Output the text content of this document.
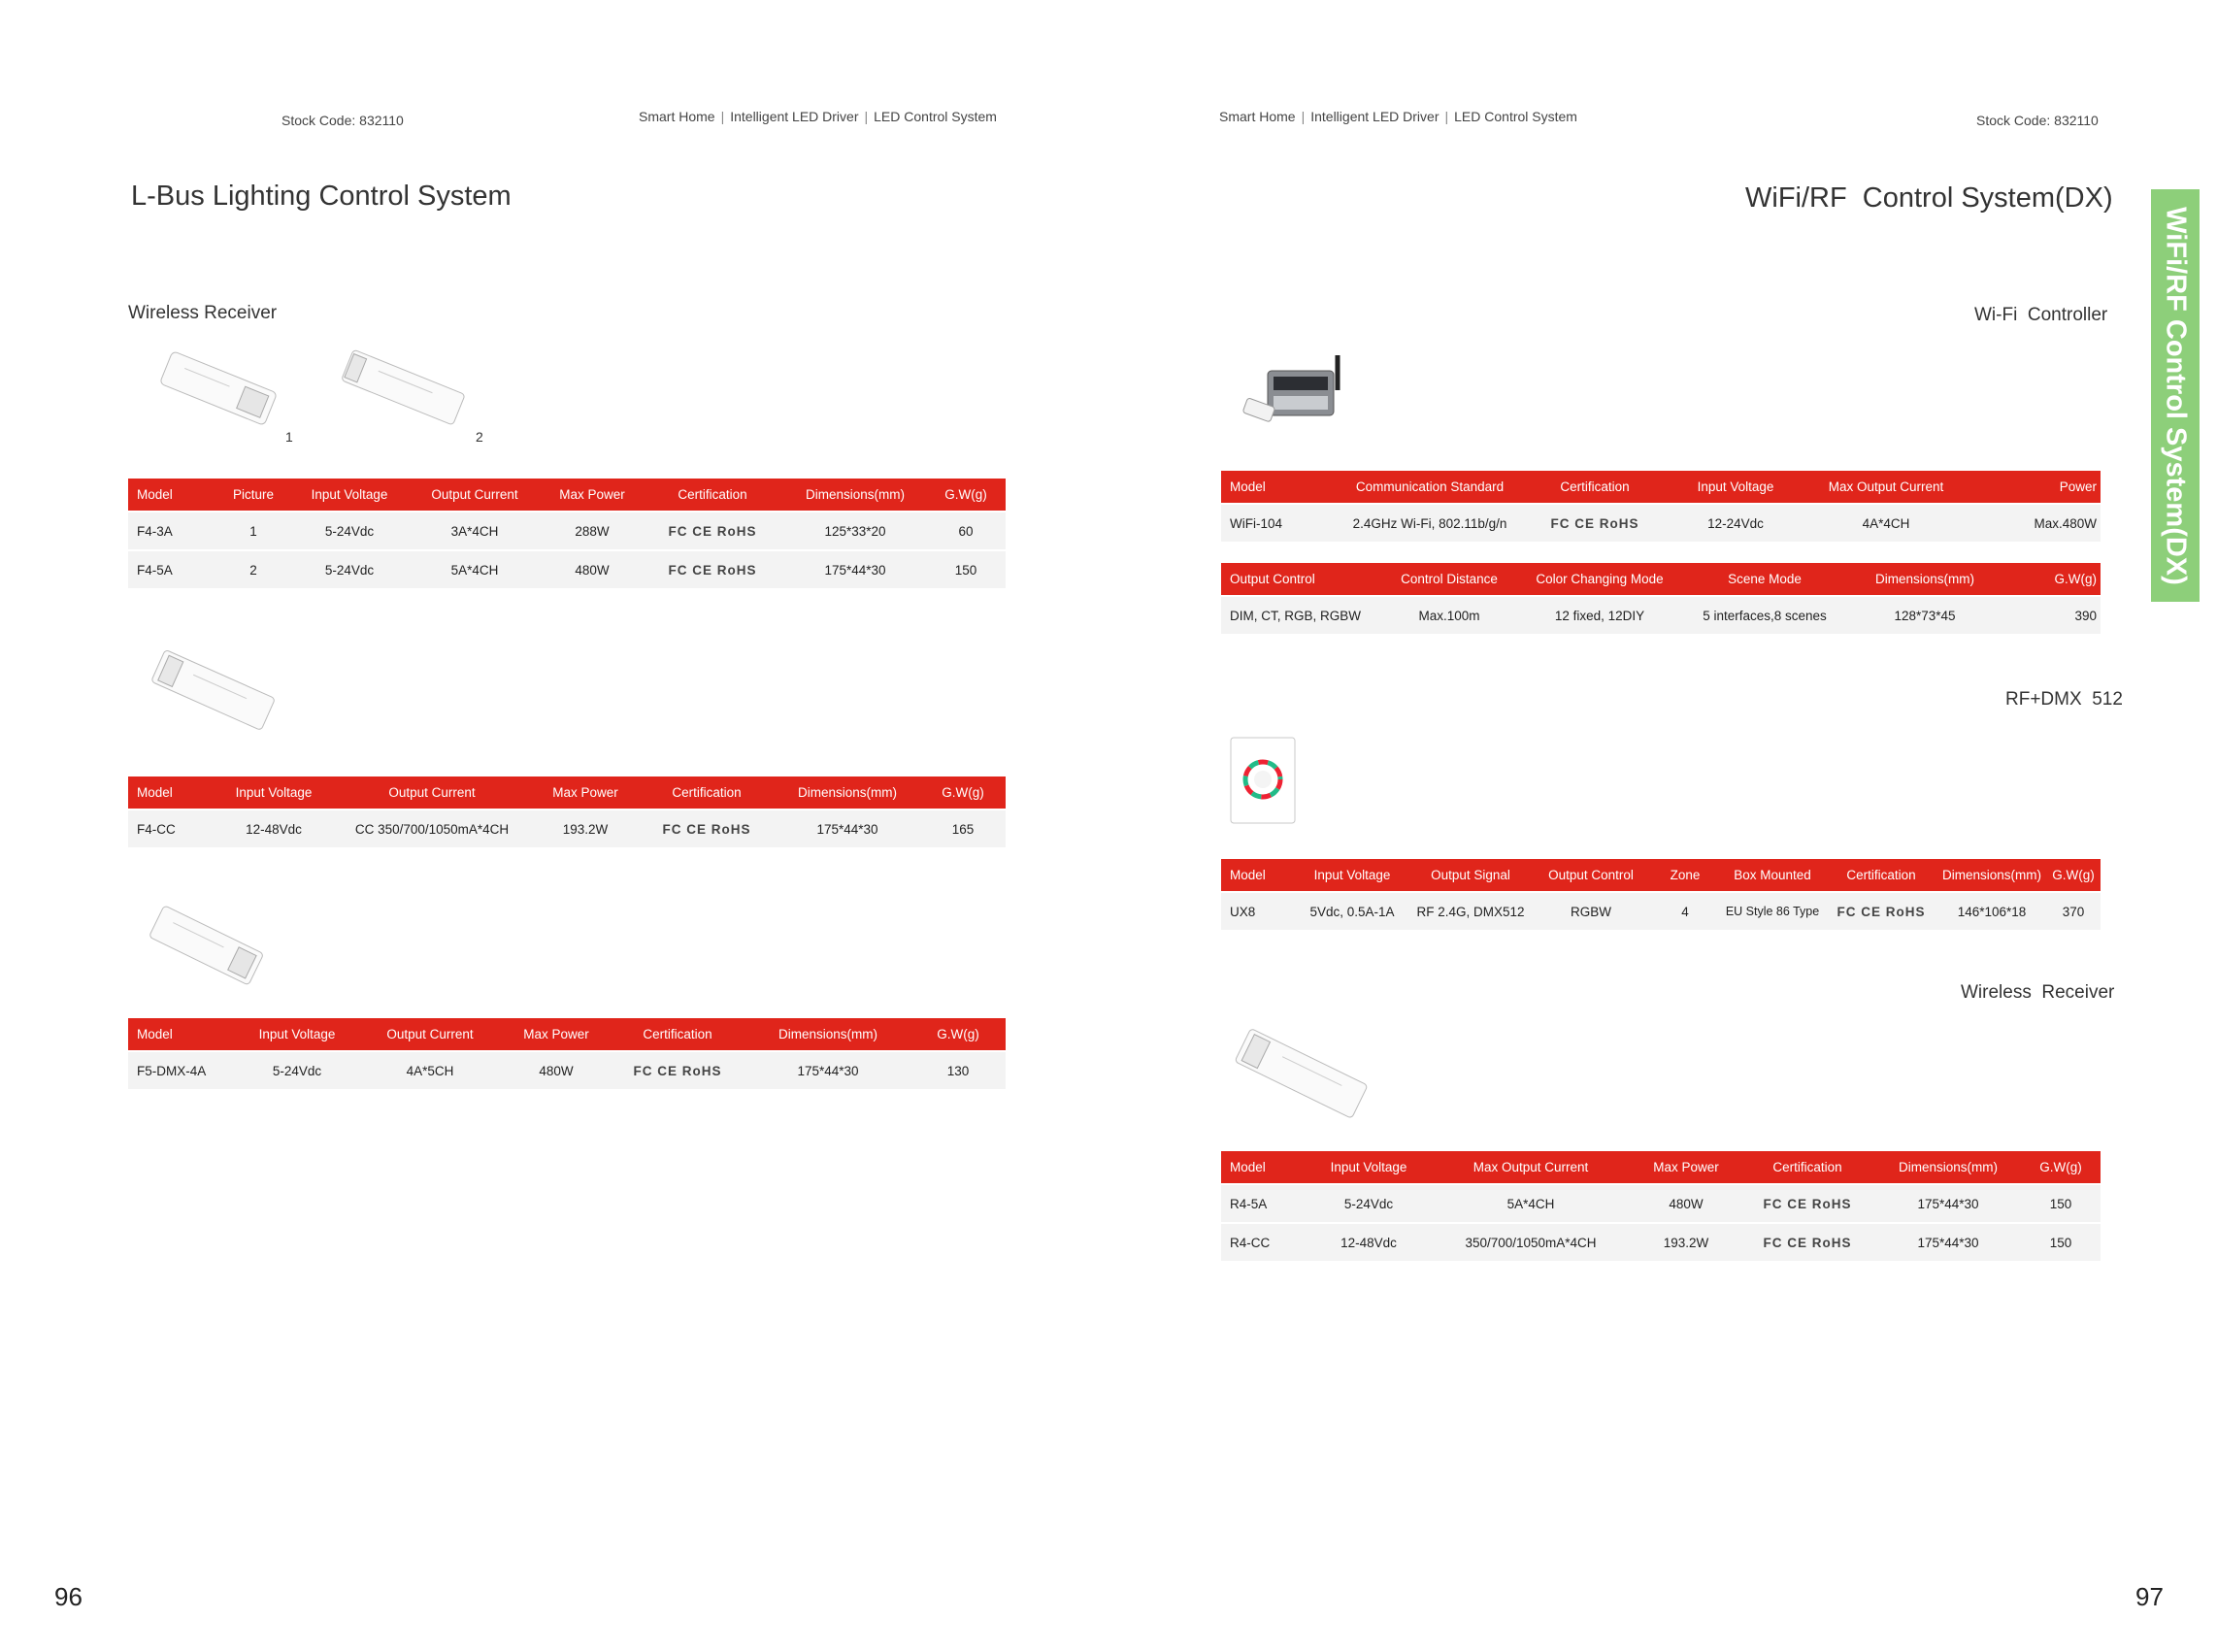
Stock Code: 832110	Smart Home | Intelligent LED Driver | LED Control System
L-Bus Lighting Control System
Wireless Receiver
1	2
Model	Picture	Input Voltage	Output Current	Max Power	Certification	Dimensions(mm)	G.W(g)
F4-3A	1	5-24Vdc	3A*4CH	288W	FC CE RoHS	125*33*20	60
F4-5A	2	5-24Vdc	5A*4CH	480W	FC CE RoHS	175*44*30	150
Model	Input Voltage	Output Current	Max Power	Certification	Dimensions(mm)	G.W(g)
F4-CC	12-48Vdc	CC 350/700/1050mA*4CH	193.2W	FC CE RoHS	175*44*30	165
Model	Input Voltage	Output Current	Max Power	Certification	Dimensions(mm)	G.W(g)
F5-DMX-4A	5-24Vdc	4A*5CH	480W	FC CE RoHS	175*44*30	130
96
Smart Home | Intelligent LED Driver | LED Control System	Stock Code: 832110
WiFi/RF  Control System(DX)
WiFi/RF Control System(DX)
Wi-Fi  Controller
Model	Communication Standard	Certification	Input Voltage	Max Output Current	Power
WiFi-104	2.4GHz Wi-Fi, 802.11b/g/n	FC CE RoHS	12-24Vdc	4A*4CH	Max.480W
Output Control	Control Distance	Color Changing Mode	Scene Mode	Dimensions(mm)	G.W(g)
DIM, CT, RGB, RGBW	Max.100m	12 fixed, 12DIY	5 interfaces,8 scenes	128*73*45	390
RF+DMX  512
Model	Input Voltage	Output Signal	Output Control	Zone	Box Mounted	Certification	Dimensions(mm)	G.W(g)
UX8	5Vdc, 0.5A-1A	RF 2.4G, DMX512	RGBW	4	EU Style 86 Type	FC CE RoHS	146*106*18	370
Wireless  Receiver
Model	Input Voltage	Max Output Current	Max Power	Certification	Dimensions(mm)	G.W(g)
R4-5A	5-24Vdc	5A*4CH	480W	FC CE RoHS	175*44*30	150
R4-CC	12-48Vdc	350/700/1050mA*4CH	193.2W	FC CE RoHS	175*44*30	150
97
